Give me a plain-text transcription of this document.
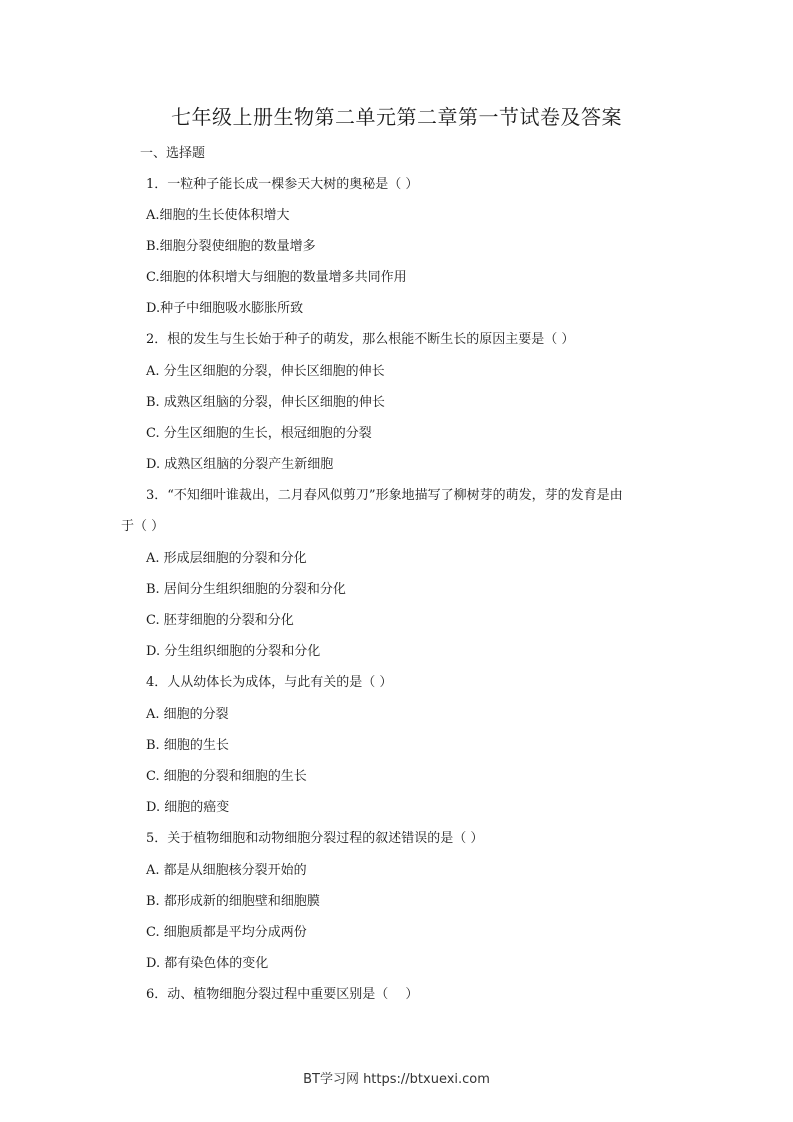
七年级上册生物第二单元第二章第一节试卷及答案
一、选择题
1．一粒种子能长成一棵参天大树的奥秘是（ ）
A.细胞的生长使体积增大
B.细胞分裂使细胞的数量增多
C.细胞的体积增大与细胞的数量增多共同作用
D.种子中细胞吸水膨胀所致
2．根的发生与生长始于种子的萌发，那么根能不断生长的原因主要是（ ）
A. 分生区细胞的分裂，伸长区细胞的伸长
B. 成熟区组脑的分裂，伸长区细胞的伸长
C. 分生区细胞的生长，根冠细胞的分裂
D. 成熟区组脑的分裂产生新细胞
3．“不知细叶谁裁出，二月春风似剪刀”形象地描写了柳树芽的萌发，芽的发育是由
于（ ）
A. 形成层细胞的分裂和分化
B. 居间分生组织细胞的分裂和分化
C. 胚芽细胞的分裂和分化
D. 分生组织细胞的分裂和分化
4．人从幼体长为成体，与此有关的是（ ）
A. 细胞的分裂
B. 细胞的生长
C. 细胞的分裂和细胞的生长
D. 细胞的癌变
5．关于植物细胞和动物细胞分裂过程的叙述错误的是（ ）
A. 都是从细胞核分裂开始的
B. 都形成新的细胞壁和细胞膜
C. 细胞质都是平均分成两份
D. 都有染色体的变化
6．动、植物细胞分裂过程中重要区别是（　 ）
BT学习网 https://btxuexi.com
